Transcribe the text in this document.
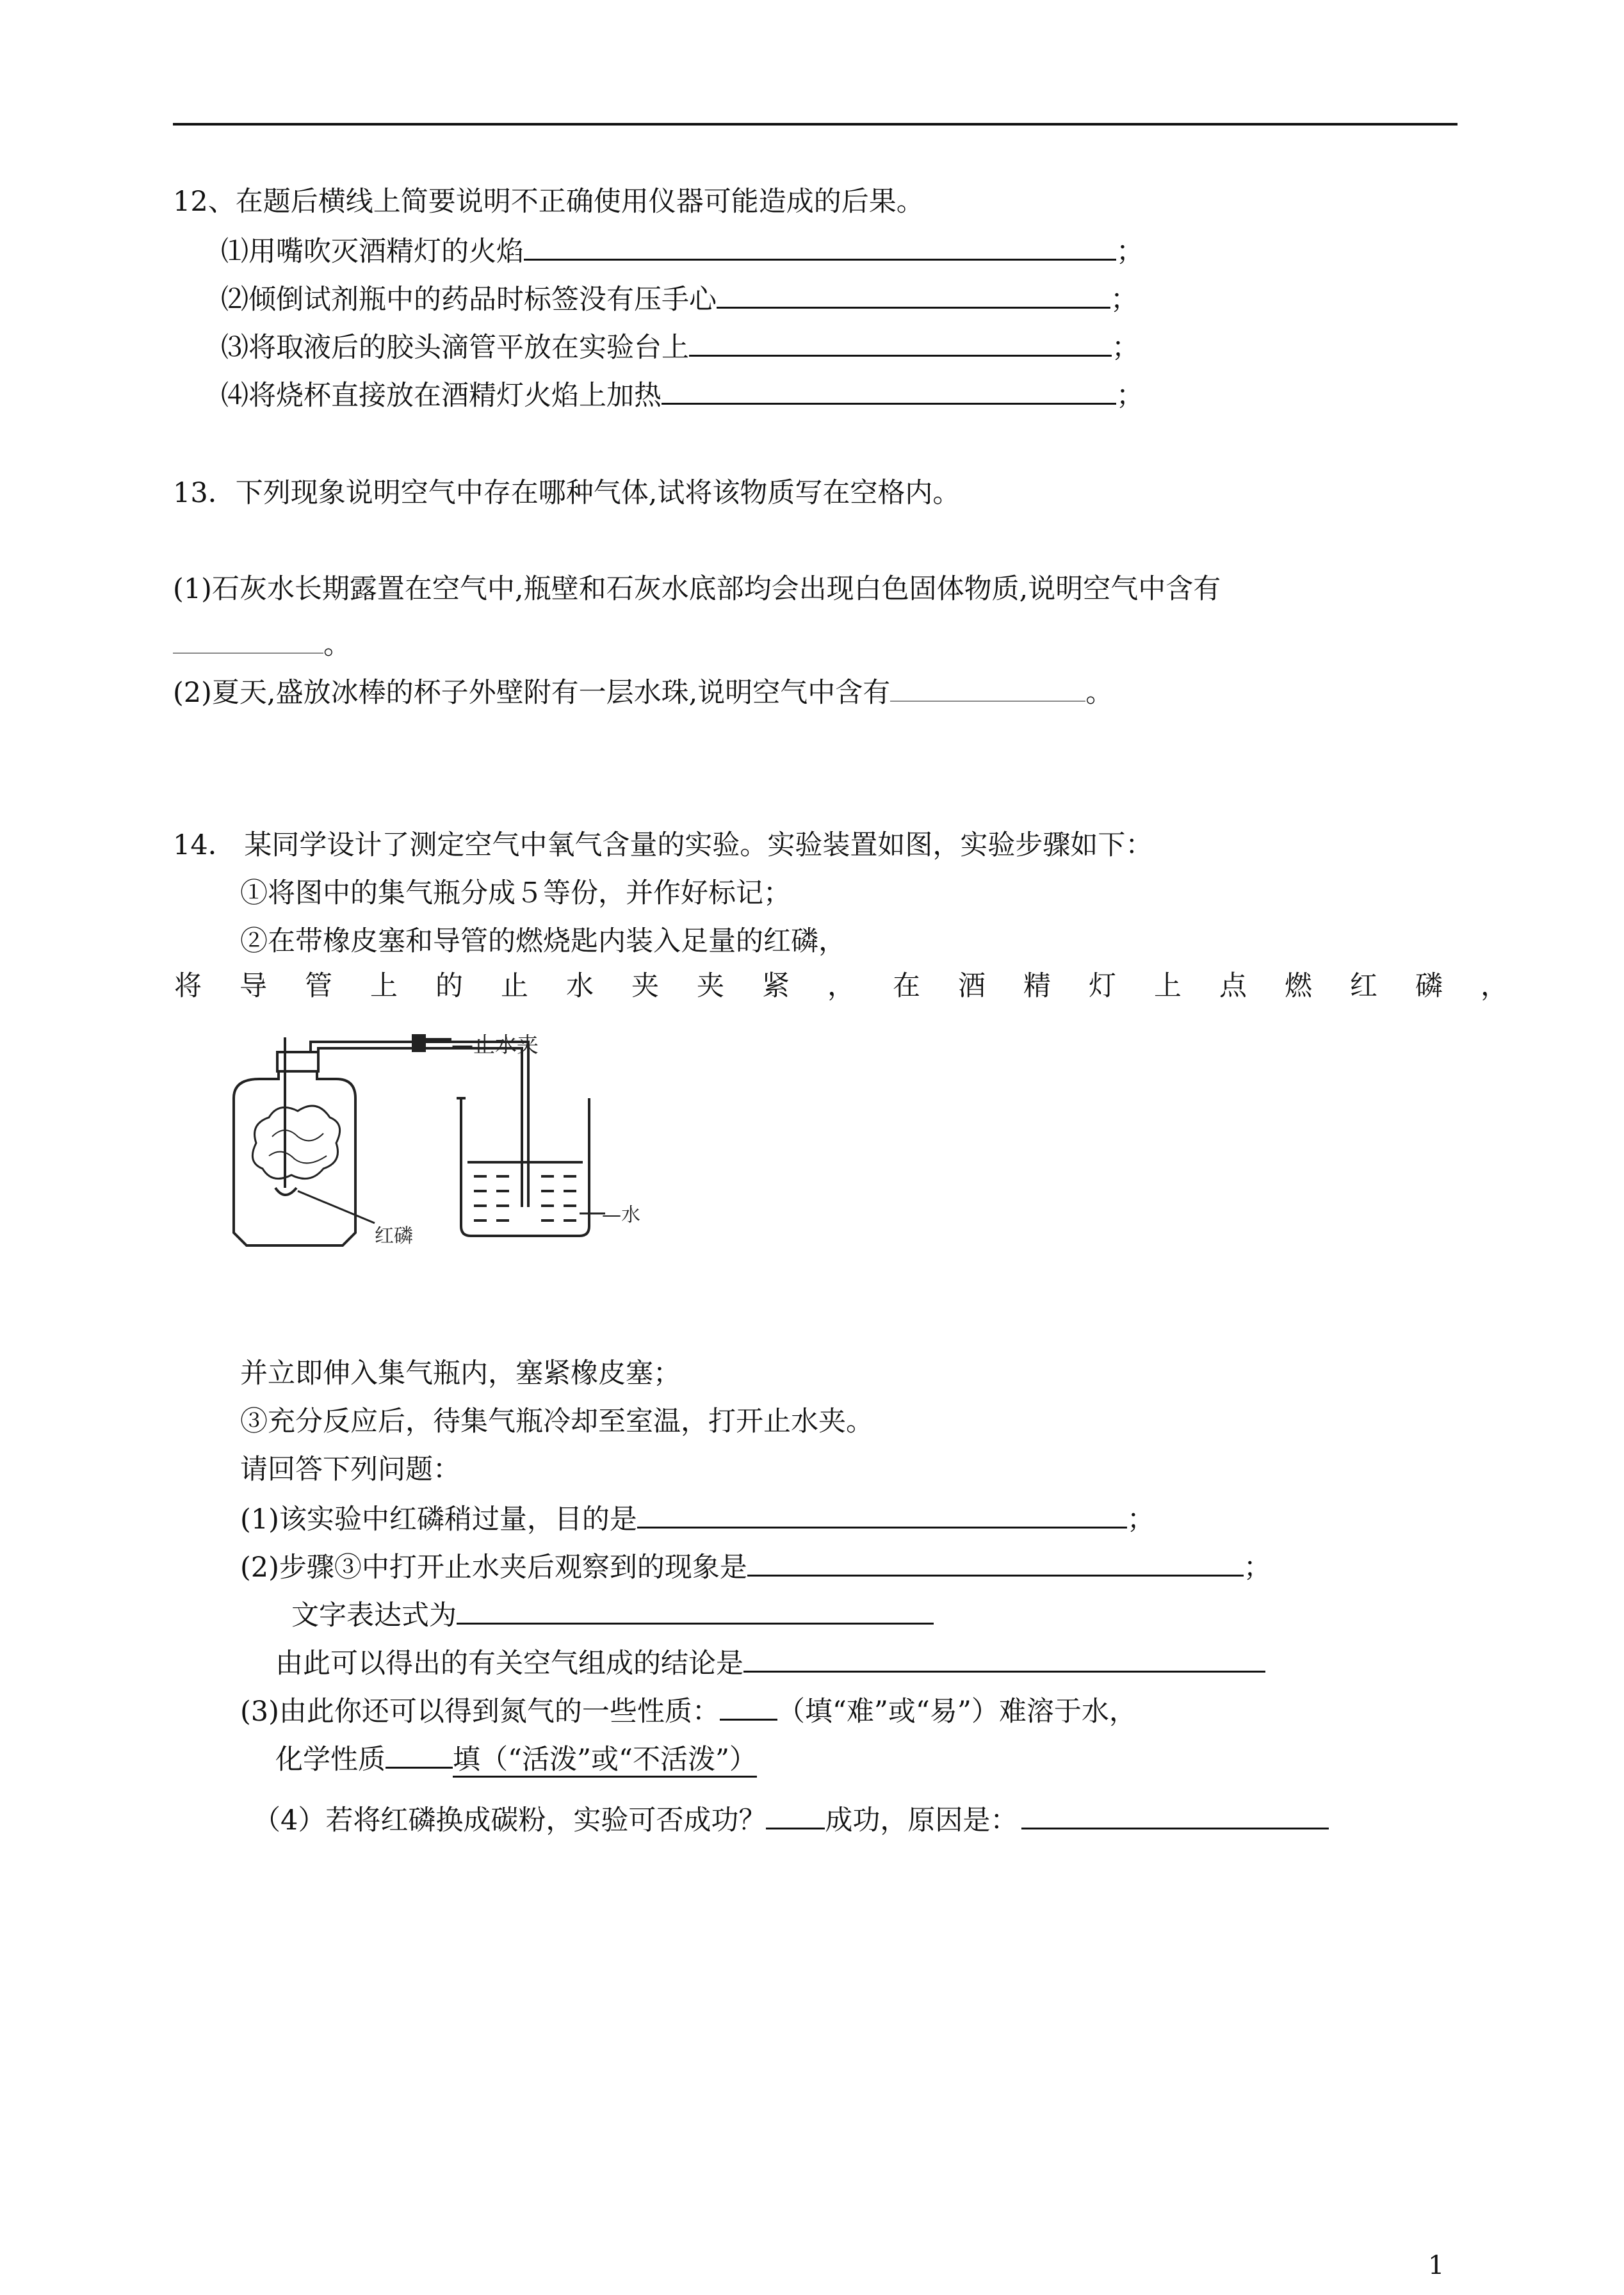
12、在题后横线上简要说明不正确使用仪器可能造成的后果。
⑴用嘴吹灭酒精灯的火焰	；
⑵倾倒试剂瓶中的药品时标签没有压手心	；
⑶将取液后的胶头滴管平放在实验台上	；
⑷将烧杯直接放在酒精灯火焰上加热	；
13．下列现象说明空气中存在哪种气体,试将该物质写在空格内。
(1)石灰水长期露置在空气中,瓶壁和石灰水底部均会出现白色固体物质,说明空气中含有
。
(2)夏天,盛放冰棒的杯子外壁附有一层水珠,说明空气中含有	。
14． 某同学设计了测定空气中氧气含量的实验。实验装置如图，实验步骤如下：
①将图中的集气瓶分成５等份，并作好标记；
②在带橡皮塞和导管的燃烧匙内装入足量的红磷，
将导管上的止水夹夹紧，在酒精灯上点燃红磷，
—止水夹
红磷
—水
并立即伸入集气瓶内，塞紧橡皮塞；
③充分反应后，待集气瓶冷却至室温，打开止水夹。
请回答下列问题：
(1)该实验中红磷稍过量，目的是	；
(2)步骤③中打开止水夹后观察到的现象是	；
文字表达式为
由此可以得出的有关空气组成的结论是
(3)由此你还可以得到氮气的一些性质： （填“难”或“易”）难溶于水，
化学性质 填（“活泼”或“不活泼”）
（4）若将红磷换成碳粉，实验可否成功？ 成功，原因是：
1
